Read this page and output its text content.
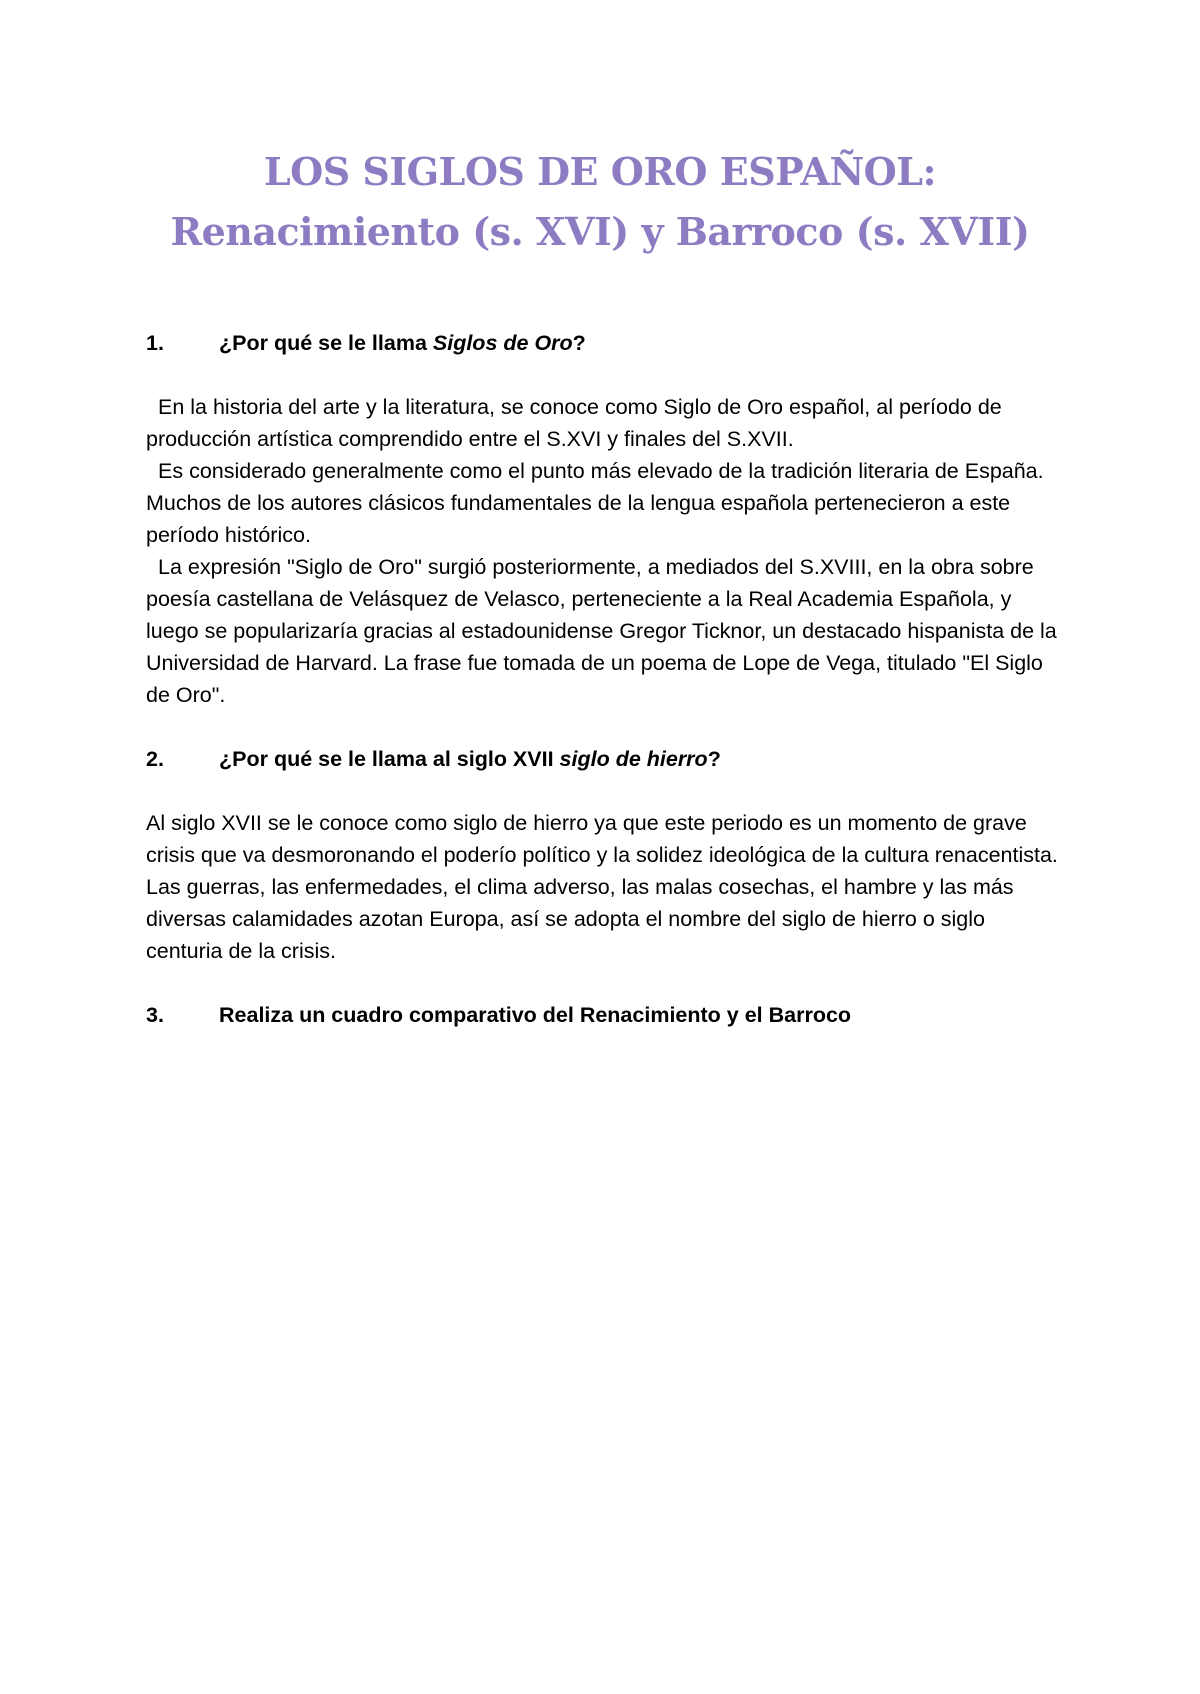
LOS SIGLOS DE ORO ESPAÑOL:
Renacimiento (s. XVI) y Barroco (s. XVII)

1.	¿Por qué se le llama Siglos de Oro?

En la historia del arte y la literatura, se conoce como Siglo de Oro español, al período de producción artística comprendido entre el S.XVI y finales del S.XVII.

Es considerado generalmente como el punto más elevado de la tradición literaria de España. Muchos de los autores clásicos fundamentales de la lengua española pertenecieron a este período histórico.

La expresión "Siglo de Oro" surgió posteriormente, a mediados del S.XVIII, en la obra sobre poesía castellana de Velásquez de Velasco, perteneciente a la Real Academia Española, y luego se popularizaría gracias al estadounidense Gregor Ticknor, un destacado hispanista de la Universidad de Harvard. La frase fue tomada de un poema de Lope de Vega, titulado "El Siglo de Oro".

2.	¿Por qué se le llama al siglo XVII siglo de hierro?

Al siglo XVII se le conoce como siglo de hierro ya que este periodo es un momento de grave crisis que va desmoronando el poderío político y la solidez ideológica de la cultura renacentista. Las guerras, las enfermedades, el clima adverso, las malas cosechas, el hambre y las más diversas calamidades azotan Europa, así se adopta el nombre del siglo de hierro o siglo centuria de la crisis.

3.	Realiza un cuadro comparativo del Renacimiento y el Barroco
